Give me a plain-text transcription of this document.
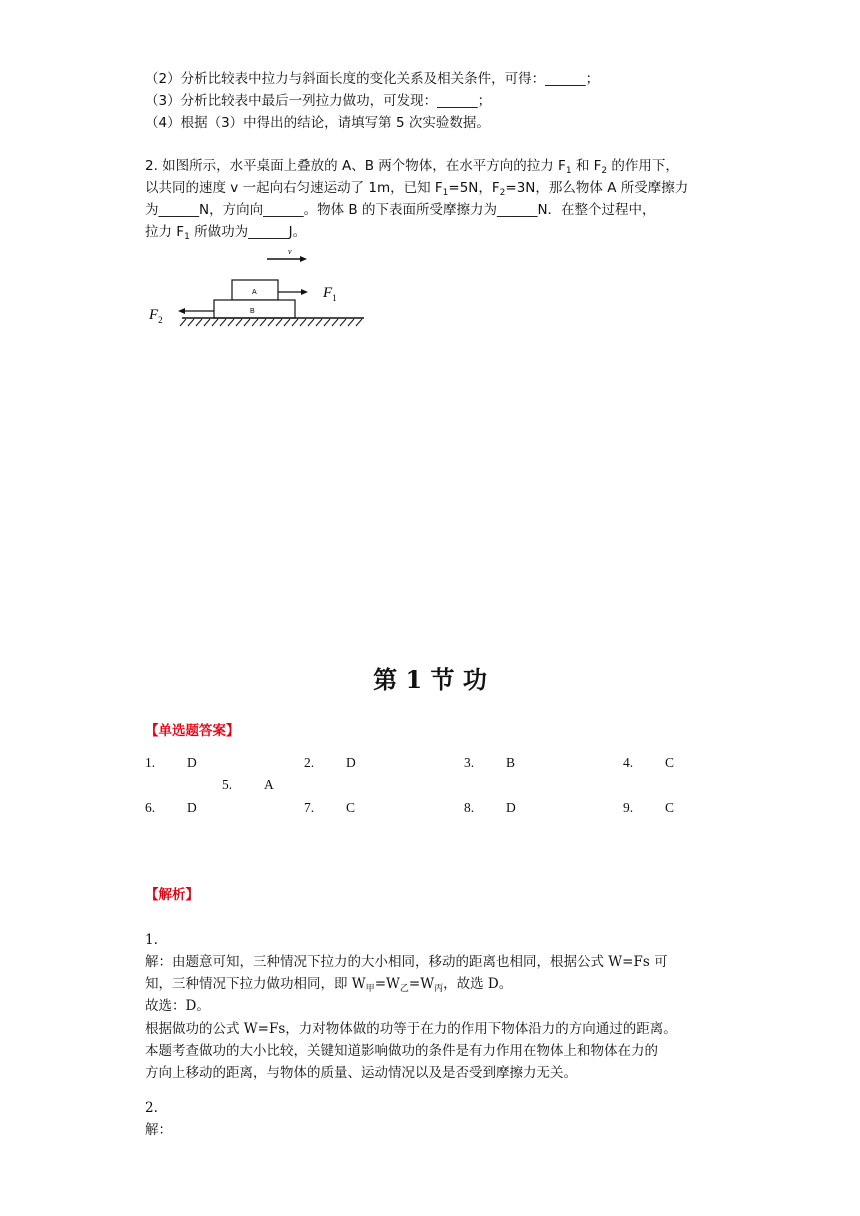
（2）分析比较表中拉力与斜面长度的变化关系及相关条件，可得：______；
（3）分析比较表中最后一列拉力做功，可发现：______；
（4）根据（3）中得出的结论，请填写第 5 次实验数据。
2. 如图所示，水平桌面上叠放的 A、B 两个物体，在水平方向的拉力 $F_1$ 和 $F_2$ 的作用下，
以共同的速度 v 一起向右匀速运动了 1m，已知 $F_1=5N$，$F_2=3N$，那么物体 A 所受摩擦力
为______N，方向向______。物体 B 的下表面所受摩擦力为______N．在整个过程中，
拉力 $F_1$ 所做功为______J。
v
A	$F_1$
B
$F_2$
第 1 节 功
【单选题答案】
1. D	2. D	3. B	4. C
5. A
6. D	7. C	8. D	9. C
【解析】
1.
解：由题意可知，三种情况下拉力的大小相同，移动的距离也相同，根据公式 W=Fs 可
知，三种情况下拉力做功相同，即 $W_甲=W_乙=W_丙$，故选 D。
故选：D。
根据做功的公式 W=Fs，力对物体做的功等于在力的作用下物体沿力的方向通过的距离。
本题考查做功的大小比较，关键知道影响做功的条件是有力作用在物体上和物体在力的
方向上移动的距离，与物体的质量、运动情况以及是否受到摩擦力无关。
2.
解：
